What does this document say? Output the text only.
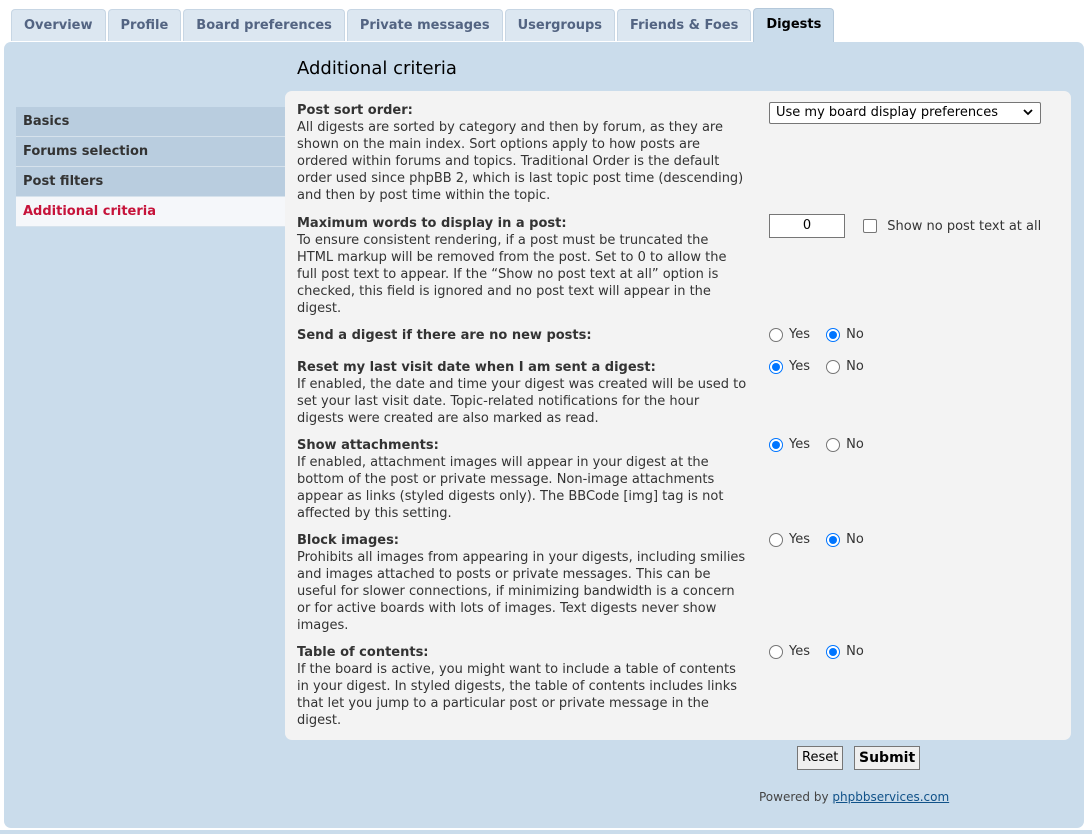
Overview	Profile	Board preferences	Private messages	Usergroups	Friends & Foes	Digests
Additional criteria
Basics
Forums selection
Post filters
Additional criteria
Post sort order:
All digests are sorted by category and then by forum, as they are shown on the main index. Sort options apply to how posts are ordered within forums and topics. Traditional Order is the default order used since phpBB 2, which is last topic post time (descending) and then by post time within the topic.
Use my board display preferences
Maximum words to display in a post:
To ensure consistent rendering, if a post must be truncated the HTML markup will be removed from the post. Set to 0 to allow the full post text to appear. If the “Show no post text at all” option is checked, this field is ignored and no post text will appear in the digest.
0	Show no post text at all
Send a digest if there are no new posts:	Yes	No
Reset my last visit date when I am sent a digest:
If enabled, the date and time your digest was created will be used to set your last visit date. Topic-related notifications for the hour digests were created are also marked as read.
Yes	No
Show attachments:
If enabled, attachment images will appear in your digest at the bottom of the post or private message. Non-image attachments appear as links (styled digests only). The BBCode [img] tag is not affected by this setting.
Yes	No
Block images:
Prohibits all images from appearing in your digests, including smilies and images attached to posts or private messages. This can be useful for slower connections, if minimizing bandwidth is a concern or for active boards with lots of images. Text digests never show images.
Yes	No
Table of contents:
If the board is active, you might want to include a table of contents in your digest. In styled digests, the table of contents includes links that let you jump to a particular post or private message in the digest.
Yes	No
Reset	Submit
Powered by phpbbservices.com
